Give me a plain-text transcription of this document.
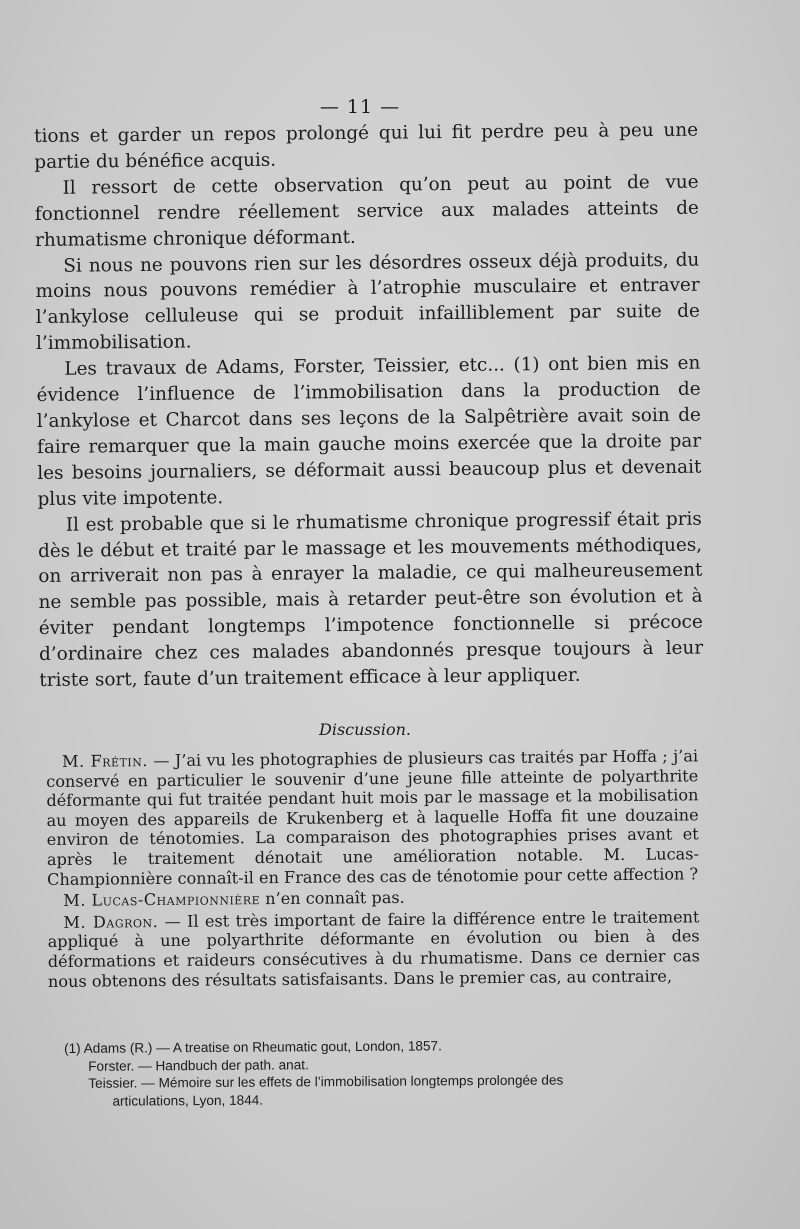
— 11 —

tions et garder un repos prolongé qui lui fit perdre peu à peu une partie du bénéfice acquis.

Il ressort de cette observation qu’on peut au point de vue fonctionnel rendre réellement service aux malades atteints de rhumatisme chronique déformant.

Si nous ne pouvons rien sur les désordres osseux déjà produits, du moins nous pouvons remédier à l’atrophie musculaire et entraver l’ankylose celluleuse qui se produit infailliblement par suite de l’immobilisation.

Les travaux de Adams, Forster, Teissier, etc... (1) ont bien mis en évidence l’influence de l’immobilisation dans la production de l’ankylose et Charcot dans ses leçons de la Salpêtrière avait soin de faire remarquer que la main gauche moins exercée que la droite par les besoins journaliers, se déformait aussi beaucoup plus et devenait plus vite impotente.

Il est probable que si le rhumatisme chronique progressif était pris dès le début et traité par le massage et les mouvements méthodiques, on arriverait non pas à enrayer la maladie, ce qui malheureusement ne semble pas possible, mais à retarder peut-être son évolution et à éviter pendant longtemps l’impotence fonctionnelle si précoce d’ordinaire chez ces malades abandonnés presque toujours à leur triste sort, faute d’un traitement efficace à leur appliquer.

Discussion.

M. Frétin. — J’ai vu les photographies de plusieurs cas traités par Hoffa ; j’ai conservé en particulier le souvenir d’une jeune fille atteinte de polyarthrite déformante qui fut traitée pendant huit mois par le massage et la mobilisation au moyen des appareils de Krukenberg et à laquelle Hoffa fit une douzaine environ de ténotomies. La comparaison des photographies prises avant et après le traitement dénotait une amélioration notable. M. Lucas-Championnière connaît-il en France des cas de ténotomie pour cette affection ?

M. Lucas-Championnière n’en connaît pas.

M. Dagron. — Il est très important de faire la différence entre le traitement appliqué à une polyarthrite déformante en évolution ou bien à des déformations et raideurs consécutives à du rhumatisme. Dans ce dernier cas nous obtenons des résultats satisfaisants. Dans le premier cas, au contraire,

(1) Adams (R.) — A treatise on Rheumatic gout, London, 1857.
Forster. — Handbuch der path. anat.
Teissier. — Mémoire sur les effets de l’immobilisation longtemps prolongée des
articulations, Lyon, 1844.
